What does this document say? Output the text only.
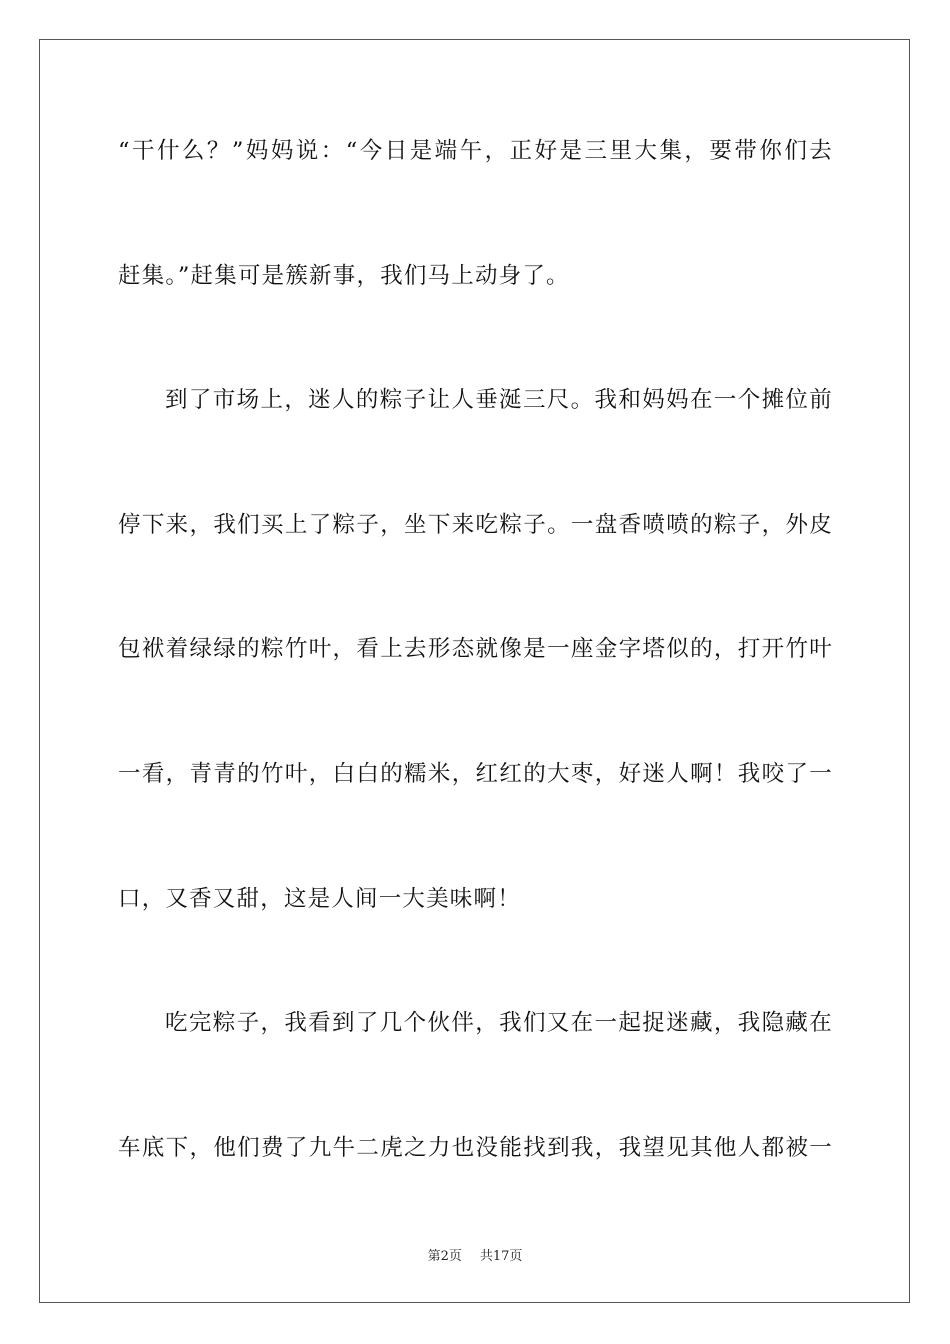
“干什么？”妈妈说：“今日是端午，正好是三里大集，要带你们去
赶集。”赶集可是簇新事，我们马上动身了。
到了市场上，迷人的粽子让人垂涎三尺。我和妈妈在一个摊位前
停下来，我们买上了粽子，坐下来吃粽子。一盘香喷喷的粽子，外皮
包袱着绿绿的粽竹叶，看上去形态就像是一座金字塔似的，打开竹叶
一看，青青的竹叶，白白的糯米，红红的大枣，好迷人啊！我咬了一
口，又香又甜，这是人间一大美味啊！
吃完粽子，我看到了几个伙伴，我们又在一起捉迷藏，我隐藏在
车底下，他们费了九牛二虎之力也没能找到我，我望见其他人都被一
第2页 共17页
